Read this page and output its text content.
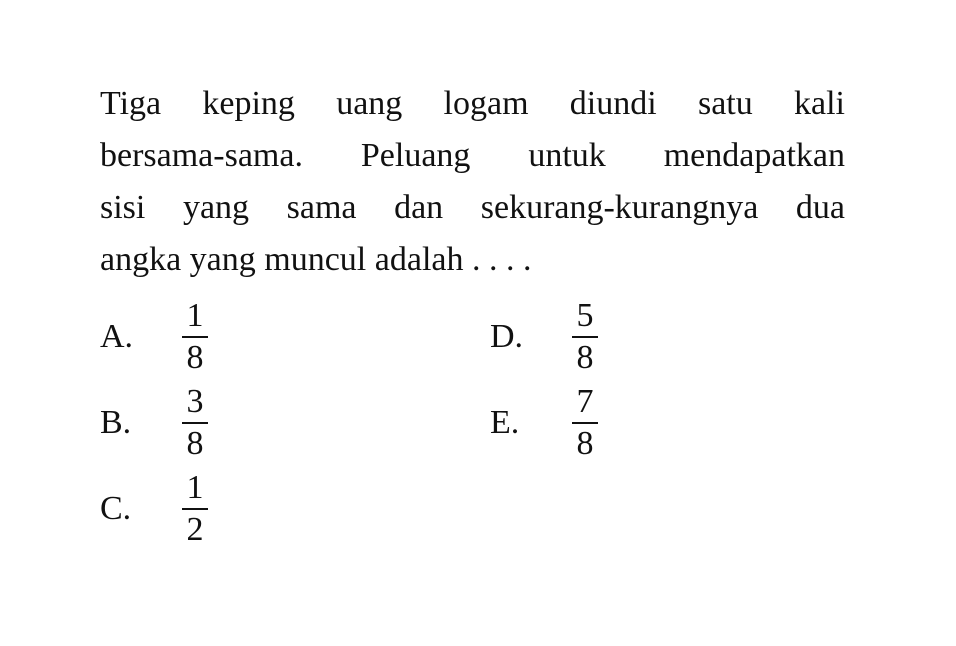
Tiga keping uang logam diundi satu kali
bersama-sama. Peluang untuk mendapatkan
sisi yang sama dan sekurang-kurangnya dua
angka yang muncul adalah . . . .
A.	$\frac{1}{8}$
B.	$\frac{3}{8}$
C.	$\frac{1}{2}$
D.	$\frac{5}{8}$
E.	$\frac{7}{8}$
